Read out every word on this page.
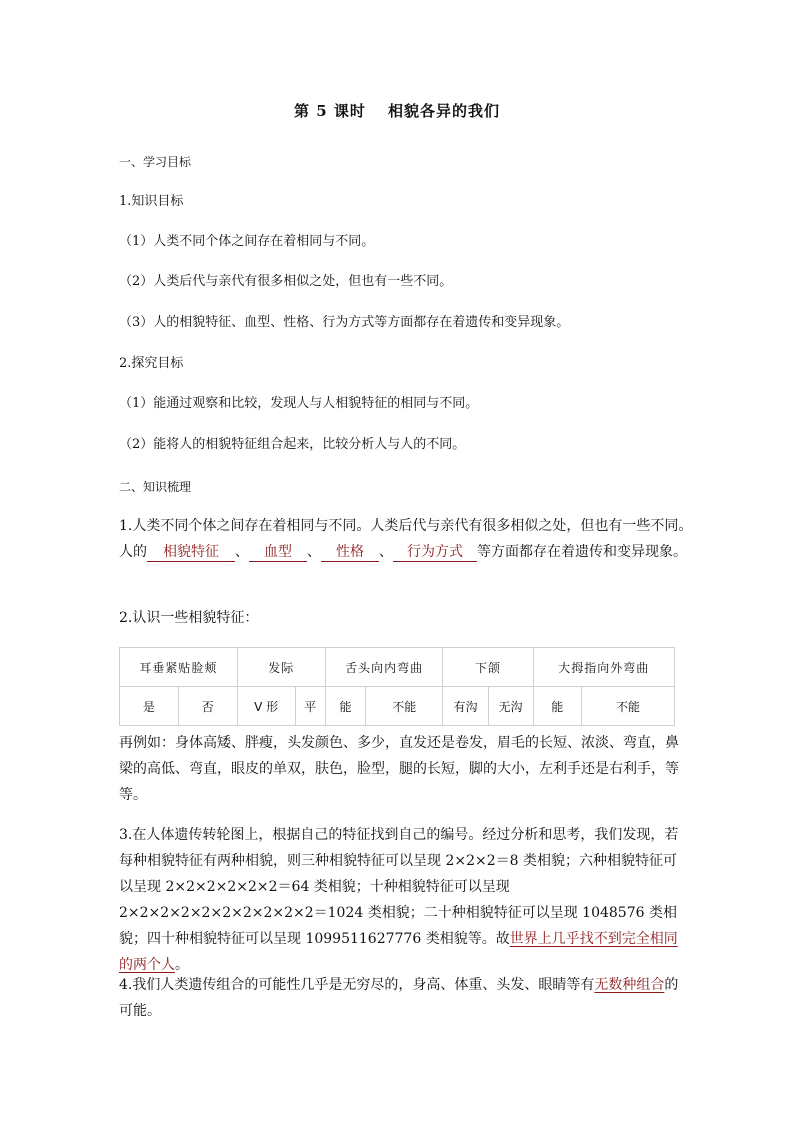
第 5 课时 相貌各异的我们
一、学习目标
1.知识目标
（1）人类不同个体之间存在着相同与不同。
（2）人类后代与亲代有很多相似之处，但也有一些不同。
（3）人的相貌特征、血型、性格、行为方式等方面都存在着遗传和变异现象。
2.探究目标
（1）能通过观察和比较，发现人与人相貌特征的相同与不同。
（2）能将人的相貌特征组合起来，比较分析人与人的不同。
二、知识梳理
1.人类不同个体之间存在着相同与不同。人类后代与亲代有很多相似之处，但也有一些不同。
人的 相貌特征 、 血型 、 性格 、 行为方式 等方面都存在着遗传和变异现象。
2.认识一些相貌特征：
耳垂紧贴脸颊		发际		舌头向内弯曲		下颌		大拇指向外弯曲	
是	否	V 形	平	能	不能	有沟	无沟	能	不能
再例如：身体高矮、胖瘦，头发颜色、多少，直发还是卷发，眉毛的长短、浓淡、弯直，鼻梁的高低、弯直，眼皮的单双，肤色，脸型，腿的长短，脚的大小，左利手还是右利手，等等。
3.在人体遗传转轮图上，根据自己的特征找到自己的编号。经过分析和思考，我们发现，若每种相貌特征有两种相貌，则三种相貌特征可以呈现 2×2×2＝8 类相貌；六种相貌特征可以呈现 2×2×2×2×2×2＝64 类相貌；十种相貌特征可以呈现 2×2×2×2×2×2×2×2×2×2＝1024 类相貌；二十种相貌特征可以呈现 1048576 类相貌；四十种相貌特征可以呈现 1099511627776 类相貌等。故世界上几乎找不到完全相同的两个人。
4.我们人类遗传组合的可能性几乎是无穷尽的，身高、体重、头发、眼睛等有无数种组合的可能。
